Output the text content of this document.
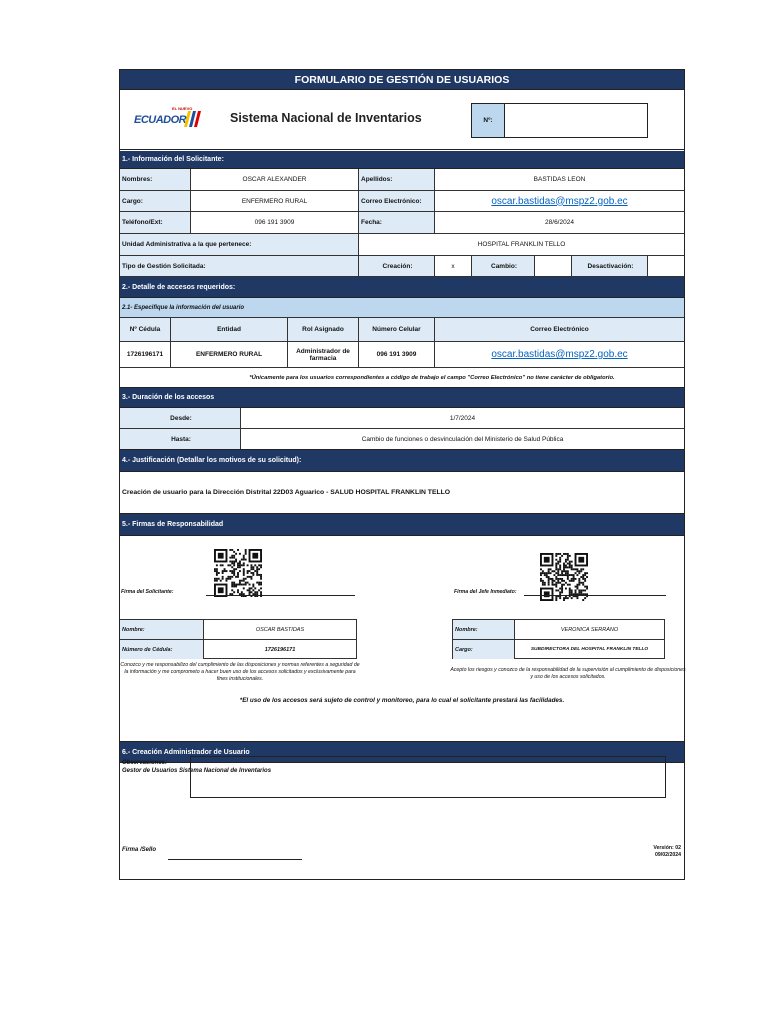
FORMULARIO DE GESTIÓN DE USUARIOS
EL NUEVO
ECUADOR	Sistema Nacional de Inventarios	Nº:
1.- Información del Solicitante:
Nombres:	OSCAR ALEXANDER	Apellidos:	BASTIDAS LEON
Cargo:	ENFERMERO RURAL	Correo Electrónico:	oscar.bastidas@mspz2.gob.ec
Teléfono/Ext:	096 191 3909	Fecha:	28/6/2024
Unidad Administrativa a la que pertenece:	HOSPITAL FRANKLIN TELLO
Tipo de Gestión Solicitada:	Creación:	x	Cambio:	Desactivación:
2.- Detalle de accesos requeridos:
2.1- Especifique la información del usuario
Nº Cédula	Entidad	Rol Asignado	Número Celular	Correo Electrónico
1726196171	ENFERMERO RURAL	Administrador de farmacia	096 191 3909	oscar.bastidas@mspz2.gob.ec
*Únicamente para los usuarios correspondientes a código de trabajo el campo "Correo Electrónico" no tiene carácter de obligatorio.
3.- Duración de los accesos
Desde:	1/7/2024
Hasta:	Cambio de funciones o desvinculación del Ministerio de Salud Pública
4.- Justificación (Detallar los motivos de su solicitud):
Creación de usuario para la Dirección Distrital 22D03 Aguarico - SALUD HOSPITAL FRANKLIN TELLO
5.- Firmas de Responsabilidad
Firma del Solicitante:	Firma del Jefe Inmediato:
Nombre:	OSCAR BASTIDAS
Número de Cédula:	1726196171
Nombre:	VERONICA SERRANO
Cargo:	SUBDIRECTORA DEL HOSPITAL FRANKLIN TELLO
Conozco y me responsabilizo del cumplimiento de las disposiciones y normas referentes a seguridad de la información y me comprometo a hacer buen uso de los accesos solicitados y exclusivamente para fines institucionales.
Acepto los riesgos y conozco de la responsabilidad de la supervisión al cumplimiento de disposiciones y uso de los accesos solicitados.
*El uso de los accesos será sujeto de control y monitoreo, para lo cual el solicitante prestará las facilidades.
6.- Creación Administrador de Usuario
Gestor de Usuarios Sistema Nacional de Inventarios
Observaciones:
Firma /Sello	Versión: 02
09/02/2024
